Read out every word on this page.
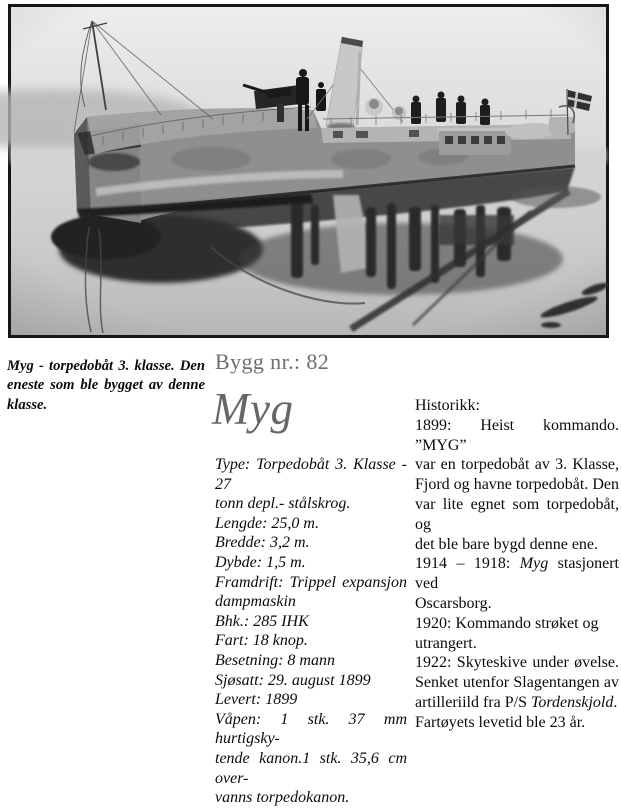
Myg - torpedobåt 3. klasse. Den
eneste som ble bygget av denne
klasse.
Bygg nr.: 82
Myg
Type: Torpedobåt 3. Klasse - 27
tonn depl.- stålskrog.
Lengde: 25,0 m.
Bredde: 3,2 m.
Dybde: 1,5 m.
Framdrift: Trippel expansjon
dampmaskin
Bhk.: 285 IHK
Fart: 18 knop.
Besetning: 8 mann
Sjøsatt: 29. august 1899
Levert: 1899
Våpen: 1 stk. 37 mm hurtigsky-
tende kanon.1 stk. 35,6 cm over-
vanns torpedokanon.
Historikk:
1899: Heist kommando. ”MYG”
var en torpedobåt av 3. Klasse,
Fjord og havne torpedobåt. Den
var lite egnet som torpedobåt, og
det ble bare bygd denne ene.
1914 – 1918: Myg stasjonert ved
Oscarsborg.
1920: Kommando strøket og
utrangert.
1922: Skyteskive under øvelse.
Senket utenfor Slagentangen av
artilleriild fra P/S Tordenskjold.
Fartøyets levetid ble 23 år.
